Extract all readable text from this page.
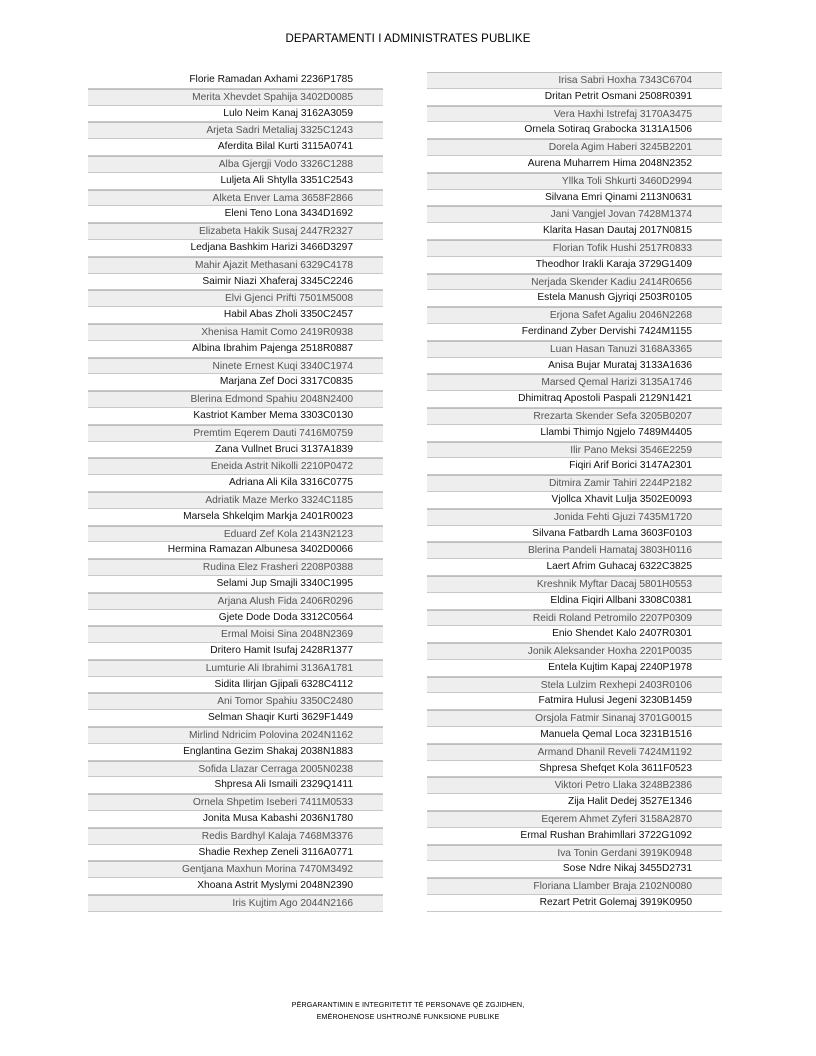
DEPARTAMENTI I ADMINISTRATES PUBLIKE
Florie Ramadan Axhami 2236P1785
Merita Xhevdet Spahija 3402D0085
Lulo Neim Kanaj 3162A3059
Arjeta Sadri Metaliaj 3325C1243
Aferdita Bilal Kurti 3115A0741
Alba Gjergji Vodo 3326C1288
Luljeta Ali Shtylla 3351C2543
Alketa Enver Lama 3658F2866
Eleni Teno Lona 3434D1692
Elizabeta Hakik Susaj 2447R2327
Ledjana Bashkim Harizi 3466D3297
Mahir Ajazit Methasani 6329C4178
Saimir Niazi Xhaferaj 3345C2246
Elvi Gjenci Prifti 7501M5008
Habil Abas Zholi 3350C2457
Xhenisa Hamit Como 2419R0938
Albina Ibrahim Pajenga 2518R0887
Ninete Ernest Kuqi 3340C1974
Marjana Zef Doci 3317C0835
Blerina Edmond Spahiu 2048N2400
Kastriot Kamber Mema 3303C0130
Premtim Eqerem Dauti 7416M0759
Zana Vullnet Bruci 3137A1839
Eneida Astrit Nikolli 2210P0472
Adriana Ali Kila 3316C0775
Adriatik Maze Merko 3324C1185
Marsela Shkelqim Markja 2401R0023
Eduard Zef Kola 2143N2123
Hermina Ramazan Albunesa 3402D0066
Rudina Elez Frasheri 2208P0388
Selami Jup Smajli 3340C1995
Arjana Alush Fida 2406R0296
Gjete Dode Doda 3312C0564
Ermal Moisi Sina 2048N2369
Dritero Hamit Isufaj 2428R1377
Lumturie Ali Ibrahimi 3136A1781
Sidita Ilirjan Gjipali 6328C4112
Ani Tomor Spahiu 3350C2480
Selman Shaqir Kurti 3629F1449
Mirlind Ndricim Polovina 2024N1162
Englantina Gezim Shakaj 2038N1883
Sofida Llazar Cerraga 2005N0238
Shpresa Ali Ismaili 2329Q1411
Ornela Shpetim Iseberi 7411M0533
Jonita Musa Kabashi 2036N1780
Redis Bardhyl Kalaja 7468M3376
Shadie Rexhep Zeneli 3116A0771
Gentjana Maxhun Morina 7470M3492
Xhoana Astrit Myslymi 2048N2390
Iris Kujtim Ago 2044N2166
Irisa Sabri Hoxha 7343C6704
Dritan Petrit Osmani 2508R0391
Vera Haxhi Istrefaj 3170A3475
Ornela Sotiraq Grabocka 3131A1506
Dorela Agim Haberi 3245B2201
Aurena Muharrem Hima 2048N2352
Yllka Toli Shkurti 3460D2994
Silvana Emri Qinami 2113N0631
Jani Vangjel Jovan 7428M1374
Klarita Hasan Dautaj 2017N0815
Florian Tofik Hushi 2517R0833
Theodhor Irakli Karaja 3729G1409
Nerjada Skender Kadiu 2414R0656
Estela Manush Gjyriqi 2503R0105
Erjona Safet Agaliu 2046N2268
Ferdinand Zyber Dervishi 7424M1155
Luan Hasan Tanuzi 3168A3365
Anisa Bujar Murataj 3133A1636
Marsed Qemal Harizi 3135A1746
Dhimitraq Apostoli Paspali 2129N1421
Rrezarta Skender Sefa 3205B0207
Llambi Thimjo Ngjelo 7489M4405
Ilir Pano Meksi 3546E2259
Fiqiri Arif Borici 3147A2301
Ditmira Zamir Tahiri 2244P2182
Vjollca Xhavit Lulja 3502E0093
Jonida Fehti Gjuzi 7435M1720
Silvana Fatbardh Lama 3603F0103
Blerina Pandeli Hamataj 3803H0116
Laert Afrim Guhacaj 6322C3825
Kreshnik Myftar Dacaj 5801H0553
Eldina Fiqiri Allbani 3308C0381
Reidi Roland Petromilo 2207P0309
Enio Shendet Kalo 2407R0301
Jonik Aleksander Hoxha 2201P0035
Entela Kujtim Kapaj 2240P1978
Stela Lulzim Rexhepi 2403R0106
Fatmira Hulusi Jegeni 3230B1459
Orsjola Fatmir Sinanaj 3701G0015
Manuela Qemal Loca 3231B1516
Armand Dhanil Reveli 7424M1192
Shpresa Shefqet Kola 3611F0523
Viktori Petro Llaka 3248B2386
Zija Halit Dedej 3527E1346
Eqerem Ahmet Zyferi 3158A2870
Ermal Rushan Brahimllari 3722G1092
Iva Tonin Gerdani 3919K0948
Sose Ndre Nikaj 3455D2731
Floriana Llamber Braja 2102N0080
Rezart Petrit Golemaj 3919K0950
PËRGARANTIMIN E INTEGRITETIT TË PERSONAVE QË ZGJIDHEN,
EMËROHENOSE USHTROJNË FUNKSIONE PUBLIKE
